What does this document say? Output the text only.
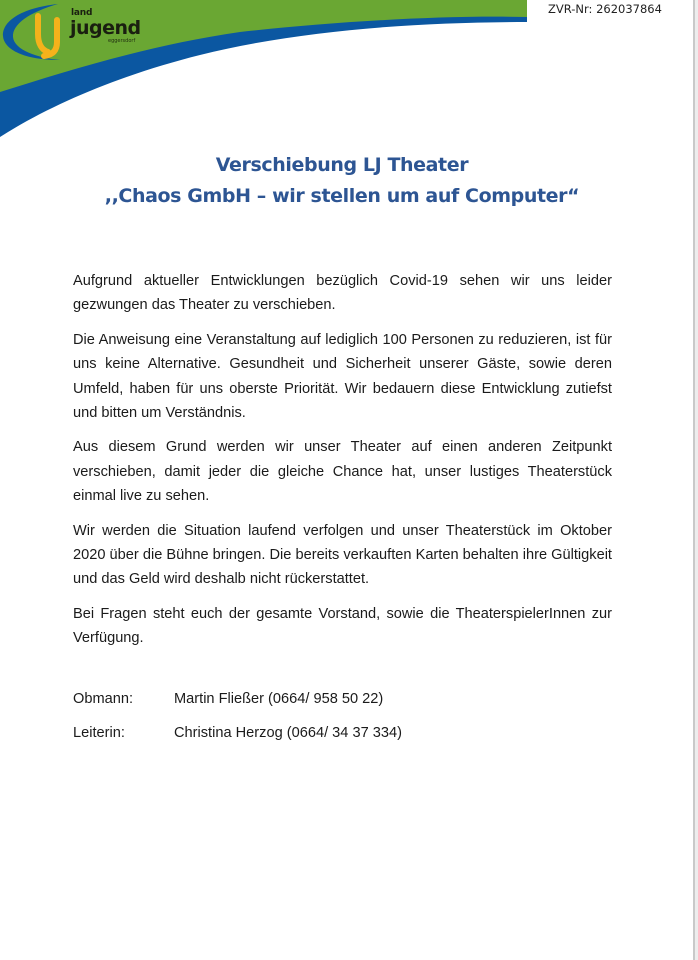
land
jugend
eggersdorf
ZVR-Nr: 262037864
Verschiebung LJ Theater
,,Chaos GmbH – wir stellen um auf Computer“

Aufgrund aktueller Entwicklungen bezüglich Covid-19 sehen wir uns leider gezwungen das Theater zu verschieben.

Die Anweisung eine Veranstaltung auf lediglich 100 Personen zu reduzieren, ist für uns keine Alternative. Gesundheit und Sicherheit unserer Gäste, sowie deren Umfeld, haben für uns oberste Priorität. Wir bedauern diese Entwicklung zutiefst und bitten um Verständnis.

Aus diesem Grund werden wir unser Theater auf einen anderen Zeitpunkt verschieben, damit jeder die gleiche Chance hat, unser lustiges Theaterstück einmal live zu sehen.

Wir werden die Situation laufend verfolgen und unser Theaterstück im Oktober 2020 über die Bühne bringen. Die bereits verkauften Karten behalten ihre Gültigkeit und das Geld wird deshalb nicht rückerstattet.

Bei Fragen steht euch der gesamte Vorstand, sowie die TheaterspielerInnen zur Verfügung.

Obmann:	Martin Fließer (0664/ 958 50 22)
Leiterin:	Christina Herzog (0664/ 34 37 334)
